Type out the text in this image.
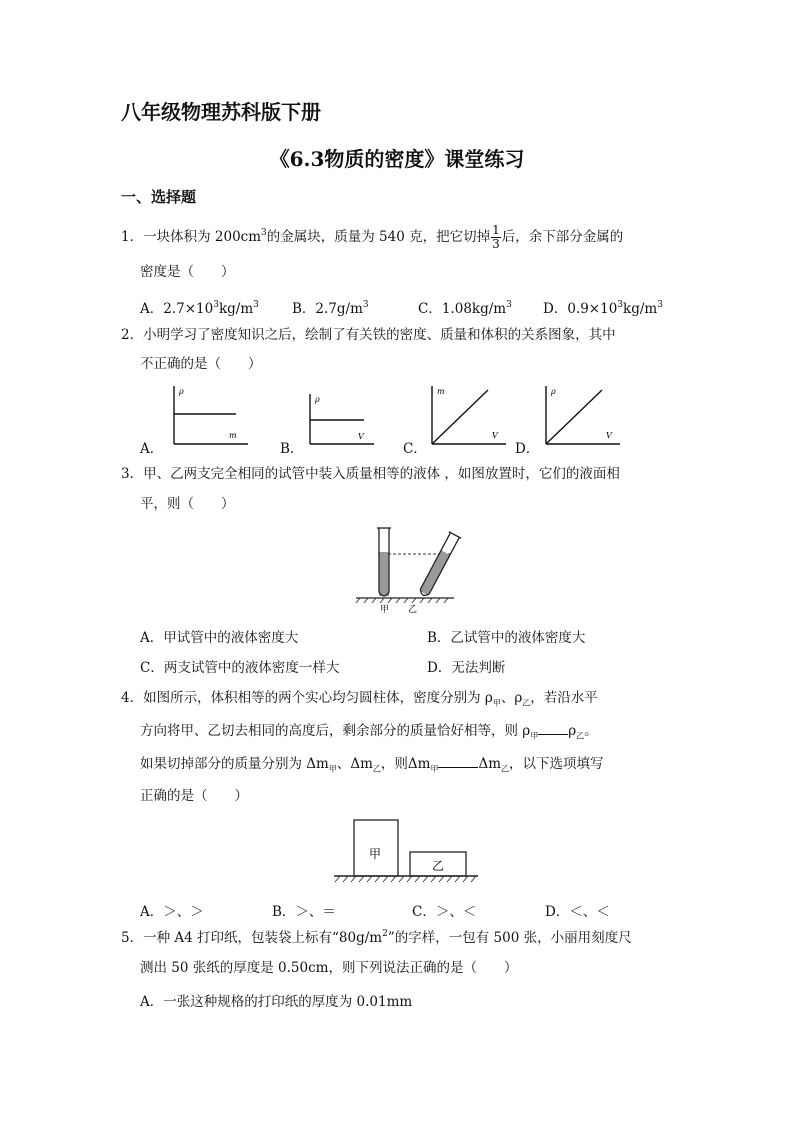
八年级物理苏科版下册
《6.3物质的密度》课堂练习
一、选择题
1．一块体积为 $200cm^3$的金属块，质量为 540 克，把它切掉 $\frac{1}{3}$ 后，余下部分金属的
密度是（　　）
A．$2.7\times 10^3kg/m^3$ B．$2.7g/m^3$	C．$1.08kg/m^3$ D．$0.9\times 10^3kg/m^3$
2．小明学习了密度知识之后，绘制了有关铁的密度、质量和体积的关系图象，其中
不正确的是（　　）
A．
ρ
m
B．
ρ
V
C．
m
V
D．
ρ
V
3．甲、乙两支完全相同的试管中装入质量相等的液体 ，如图放置时，它们的液面相
平，则（　　）
甲 乙
A．甲试管中的液体密度大	B．乙试管中的液体密度大
C．两支试管中的液体密度一样大	D．无法判断
4．如图所示，体积相等的两个实心均匀圆柱体，密度分别为 $\rho_甲$、$\rho_乙$，若沿水平
方向将甲、乙切去相同的高度后，剩余部分的质量恰好相等，则 $\rho_甲$ $\rho_乙$。
如果切掉部分的质量分别为 $\Delta m_甲$、$\Delta m_乙$，则$\Delta m_甲$	$\Delta m_乙$，以下选项填写
正确的是（　　）
甲
乙
A．＞、＞	B．＞、＝	C．＞、＜	D．＜、＜
5．一种 A4 打印纸，包装袋上标有“$80g/m^2$”的字样，一包有 500 张，小丽用刻度尺
测出 50 张纸的厚度是 0.50cm，则下列说法正确的是（　　）
A．一张这种规格的打印纸的厚度为 0.01mm
